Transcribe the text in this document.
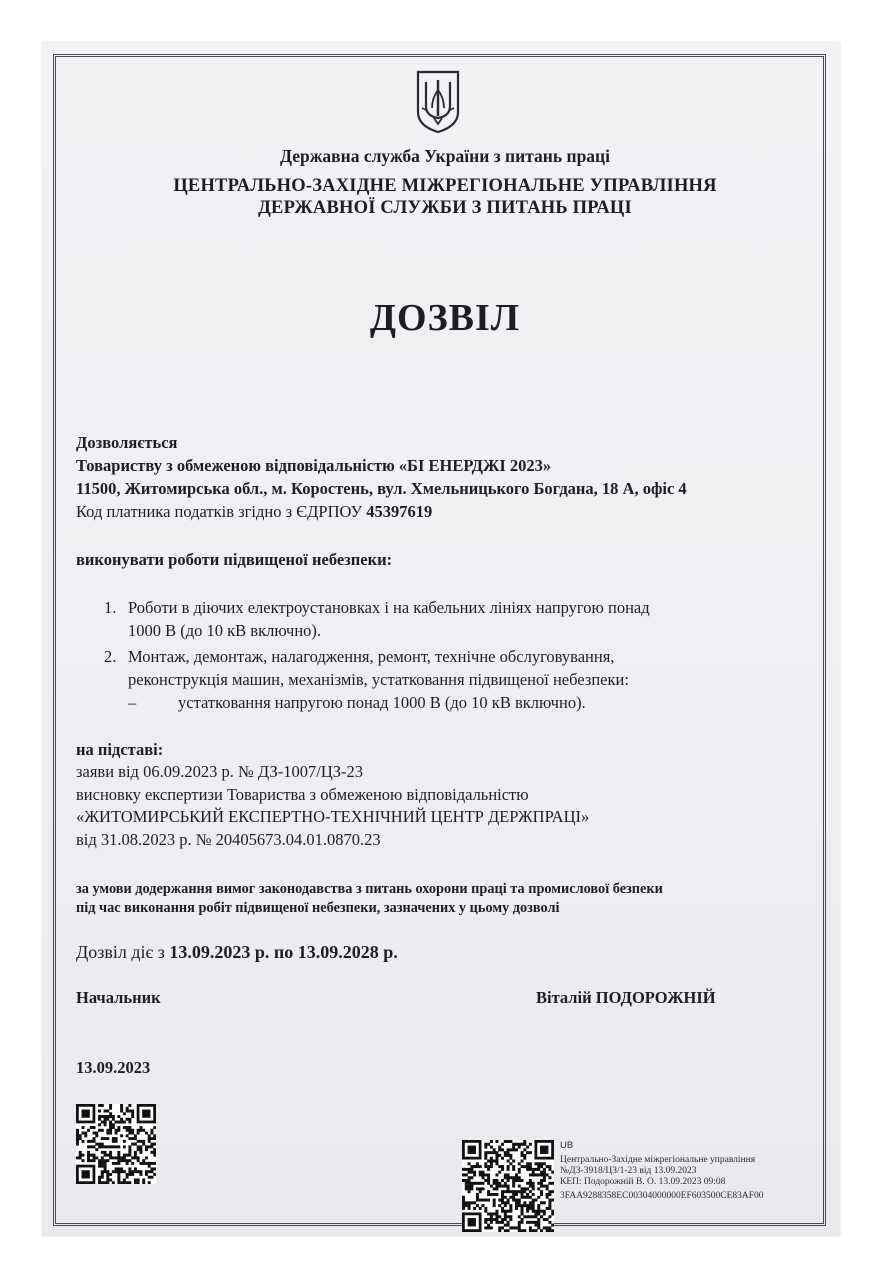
Державна служба України з питань праці
ЦЕНТРАЛЬНО-ЗАХІДНЕ МІЖРЕГІОНАЛЬНЕ УПРАВЛІННЯ
ДЕРЖАВНОЇ СЛУЖБИ З ПИТАНЬ ПРАЦІ
ДОЗВІЛ
Дозволяється
Товариству з обмеженою відповідальністю «БІ ЕНЕРДЖІ 2023»
11500, Житомирська обл., м. Коростень, вул. Хмельницького Богдана, 18 А, офіс 4
Код платника податків згідно з ЄДРПОУ 45397619
виконувати роботи підвищеної небезпеки:
1. Роботи в діючих електроустановках і на кабельних лініях напругою понад
1000 В (до 10 кВ включно).
2. Монтаж, демонтаж, налагодження, ремонт, технічне обслуговування,
реконструкція машин, механізмів, устатковання підвищеної небезпеки:
–	устатковання напругою понад 1000 В (до 10 кВ включно).
на підставі:
заяви від 06.09.2023 р. № ДЗ-1007/ЦЗ-23
висновку експертизи Товариства з обмеженою відповідальністю
«ЖИТОМИРСЬКИЙ ЕКСПЕРТНО-ТЕХНІЧНИЙ ЦЕНТР ДЕРЖПРАЦІ»
від 31.08.2023 р. № 20405673.04.01.0870.23
за умови додержання вимог законодавства з питань охорони праці та промислової безпеки
під час виконання робіт підвищеної небезпеки, зазначених у цьому дозволі
Дозвіл діє з 13.09.2023 р. по 13.09.2028 р.
Начальник	Віталій ПОДОРОЖНІЙ
13.09.2023
UB
Центрально-Західне міжрегіональне управління
№ДЗ-3918/ЦЗ/1-23 від 13.09.2023
КЕП: Подорожній В. О. 13.09.2023 09:08
3FAA9288358EC00304000000EF603500CE83AF00
